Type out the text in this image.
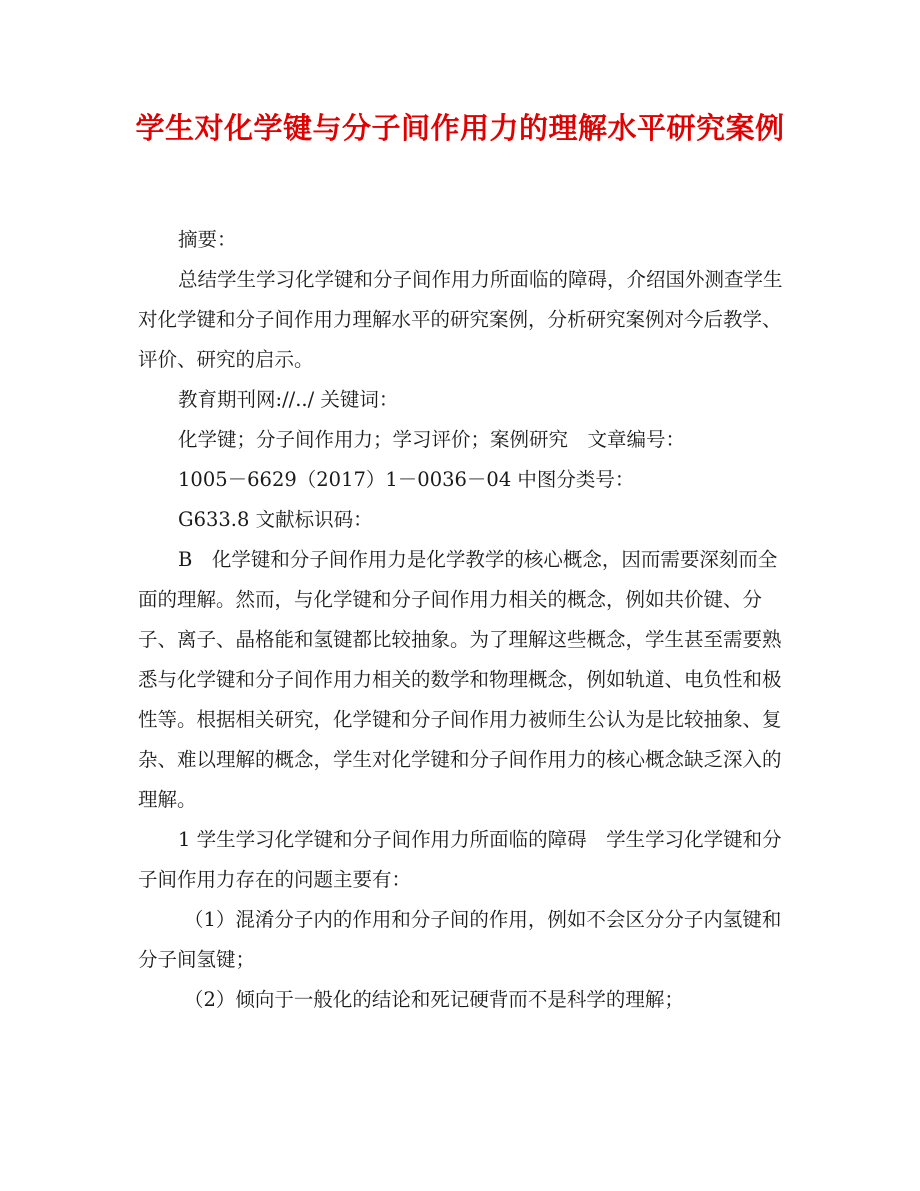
学生对化学键与分子间作用力的理解水平研究案例

摘要：

总结学生学习化学键和分子间作用力所面临的障碍，介绍国外测查学生对化学键和分子间作用力理解水平的研究案例，分析研究案例对今后教学、评价、研究的启示。

教育期刊网://../ 关键词：

化学键；分子间作用力；学习评价；案例研究　文章编号：

1005－6629（2017）1－0036－04 中图分类号：

G633.8 文献标识码：

B　化学键和分子间作用力是化学教学的核心概念，因而需要深刻而全面的理解。然而，与化学键和分子间作用力相关的概念，例如共价键、分子、离子、晶格能和氢键都比较抽象。为了理解这些概念，学生甚至需要熟悉与化学键和分子间作用力相关的数学和物理概念，例如轨道、电负性和极性等。根据相关研究，化学键和分子间作用力被师生公认为是比较抽象、复杂、难以理解的概念，学生对化学键和分子间作用力的核心概念缺乏深入的理解。

1 学生学习化学键和分子间作用力所面临的障碍　学生学习化学键和分子间作用力存在的问题主要有：

（1）混淆分子内的作用和分子间的作用，例如不会区分分子内氢键和分子间氢键；

（2）倾向于一般化的结论和死记硬背而不是科学的理解；
